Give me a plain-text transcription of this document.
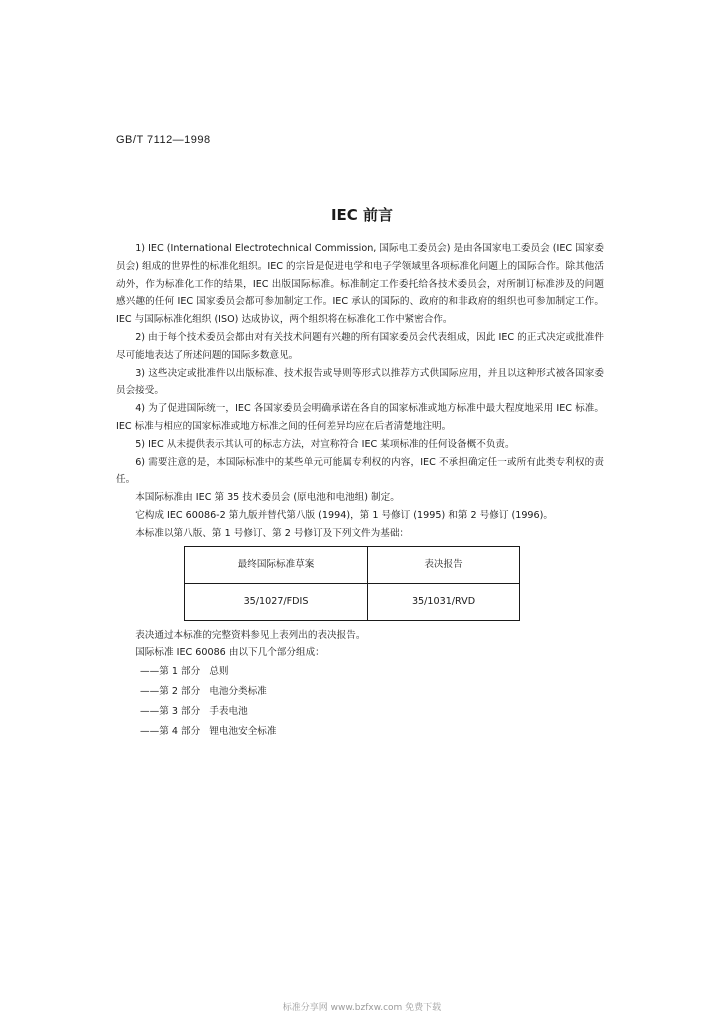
GB/T 7112—1998
IEC 前言

1) IEC (International Electrotechnical Commission, 国际电工委员会) 是由各国家电工委员会 (IEC 国家委员会) 组成的世界性的标准化组织。IEC 的宗旨是促进电学和电子学领域里各项标准化问题上的国际合作。除其他活动外，作为标准化工作的结果，IEC 出版国际标准。标准制定工作委托给各技术委员会，对所制订标准涉及的问题感兴趣的任何 IEC 国家委员会都可参加制定工作。IEC 承认的国际的、政府的和非政府的组织也可参加制定工作。IEC 与国际标准化组织 (ISO) 达成协议，两个组织将在标准化工作中紧密合作。

2) 由于每个技术委员会都由对有关技术问题有兴趣的所有国家委员会代表组成，因此 IEC 的正式决定或批准件尽可能地表达了所述问题的国际多数意见。

3) 这些决定或批准件以出版标准、技术报告或导则等形式以推荐方式供国际应用，并且以这种形式被各国家委员会接受。

4) 为了促进国际统一，IEC 各国家委员会明确承诺在各自的国家标准或地方标准中最大程度地采用 IEC 标准。IEC 标准与相应的国家标准或地方标准之间的任何差异均应在后者清楚地注明。

5) IEC 从未提供表示其认可的标志方法，对宣称符合 IEC 某项标准的任何设备概不负责。

6) 需要注意的是，本国际标准中的某些单元可能属专利权的内容，IEC 不承担确定任一或所有此类专利权的责任。

本国际标准由 IEC 第 35 技术委员会 (原电池和电池组) 制定。

它构成 IEC 60086-2 第九版并替代第八版 (1994)，第 1 号修订 (1995) 和第 2 号修订 (1996)。

本标准以第八版、第 1 号修订、第 2 号修订及下列文件为基础：

最终国际标准草案	表决报告
35/1027/FDIS	35/1031/RVD

表决通过本标准的完整资料参见上表列出的表决报告。

国际标准 IEC 60086 由以下几个部分组成：

——第 1 部分   总则

——第 2 部分   电池分类标准

——第 3 部分   手表电池

——第 4 部分   锂电池安全标准

标准分享网 www.bzfxw.com 免费下载
